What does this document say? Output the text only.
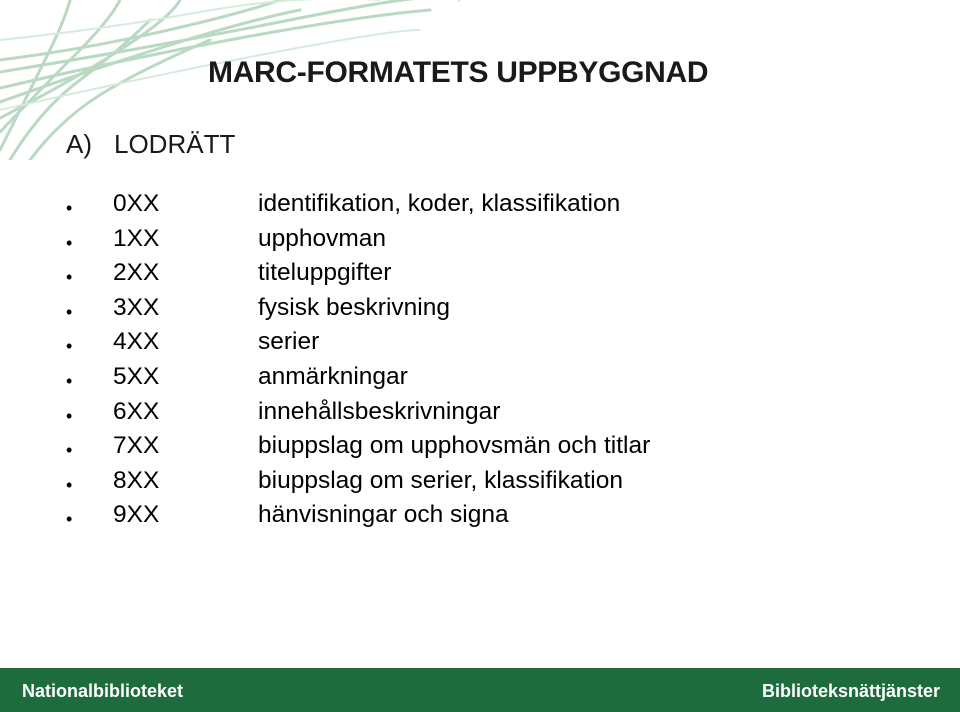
MARC-FORMATETS UPPBYGGNAD
A) LODRÄTT
• 0XX	identifikation, koder, klassifikation
• 1XX	upphovman
• 2XX	titeluppgifter
• 3XX	fysisk beskrivning
• 4XX	serier
• 5XX	anmärkningar
• 6XX	innehållsbeskrivningar
• 7XX	biuppslag om upphovsmän och titlar
• 8XX	biuppslag om serier, klassifikation
• 9XX	hänvisningar och signa
Nationalbiblioteket	Biblioteksnättjänster
